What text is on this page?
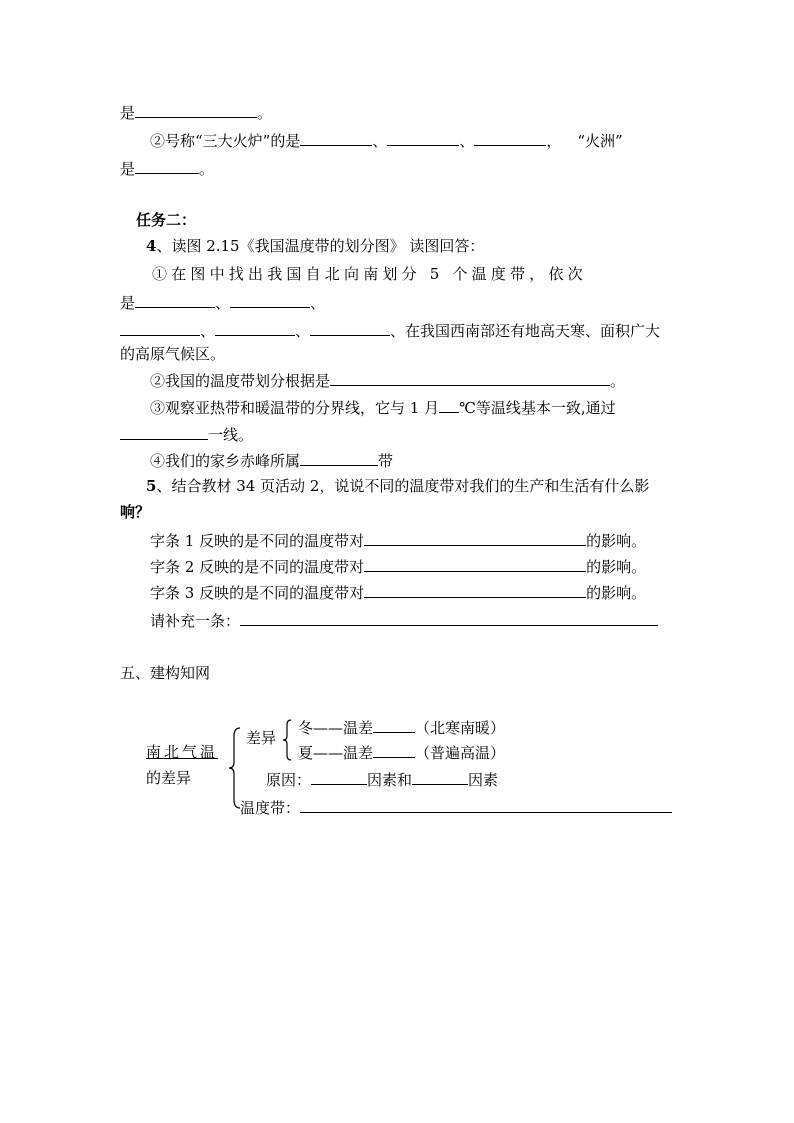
是	。
②号称“三大火炉”的是	、	、	， “火洲”
是	。
任务二：
4、读图 2.15《我国温度带的划分图》 读图回答：
①在图中找出我国自北向南划分 5 个温度带，依次
是	、	、
、	、	、在我国西南部还有地高天寒、面积广大
的高原气候区。
②我国的温度带划分根据是	。
③观察亚热带和暖温带的分界线，它与 1 月 ℃等温线基本一致,通过
一线。
④我们的家乡赤峰所属	带
5、结合教材 34 页活动 2，说说不同的温度带对我们的生产和生活有什么影
响？
字条 1 反映的是不同的温度带对	的影响。
字条 2 反映的是不同的温度带对	的影响。
字条 3 反映的是不同的温度带对	的影响。
请补充一条：
五、建构知网
南北气温
的差异
差异
冬——温差	（北寒南暖）
夏——温差	（普遍高温）
原因：	因素和	因素
温度带：
